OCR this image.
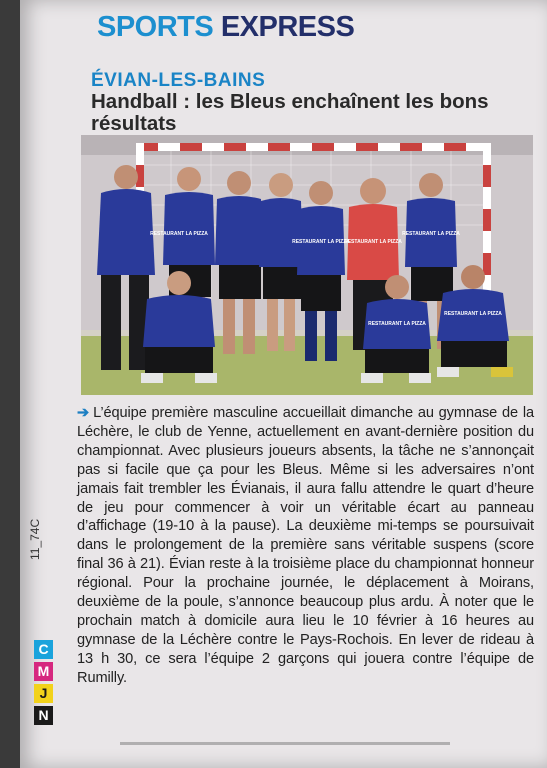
SPORTS EXPRESS
ÉVIAN-LES-BAINS
Handball : les Bleus enchaînent les bons résultats
RESTAURANT LA PIZZA
RESTAURANT LA PIZZA
RESTAURANT LA PIZZA
RESTAURANT LA PIZZA
RESTAURANT LA PIZZA
RESTAURANT LA PIZZA
➔ L’équipe première masculine accueillait dimanche au gymnase de la Léchère, le club de Yenne, actuellement en avant-dernière position du championnat. Avec plusieurs joueurs absents, la tâche ne s’annonçait pas si facile que ça pour les Bleus. Même si les adversaires n’ont jamais fait trembler les Évianais, il aura fallu attendre le quart d’heure de jeu pour commencer à voir un véritable écart au panneau d’affichage (19-10 à la pause). La deuxième mi-temps se poursuivait dans le prolongement de la première sans véritable suspens (score final 36 à 21). Évian reste à la troisième place du championnat honneur régional. Pour la prochaine journée, le déplacement à Moirans, deuxième de la poule, s’annonce beaucoup plus ardu. À noter que le prochain match à domicile aura lieu le 10 février à 16 heures au gymnase de la Léchère contre le Pays-Rochois. En lever de rideau à 13 h 30, ce sera l’équipe 2 garçons qui jouera contre l’équipe de Rumilly.
11_74C
C
M
J
N
